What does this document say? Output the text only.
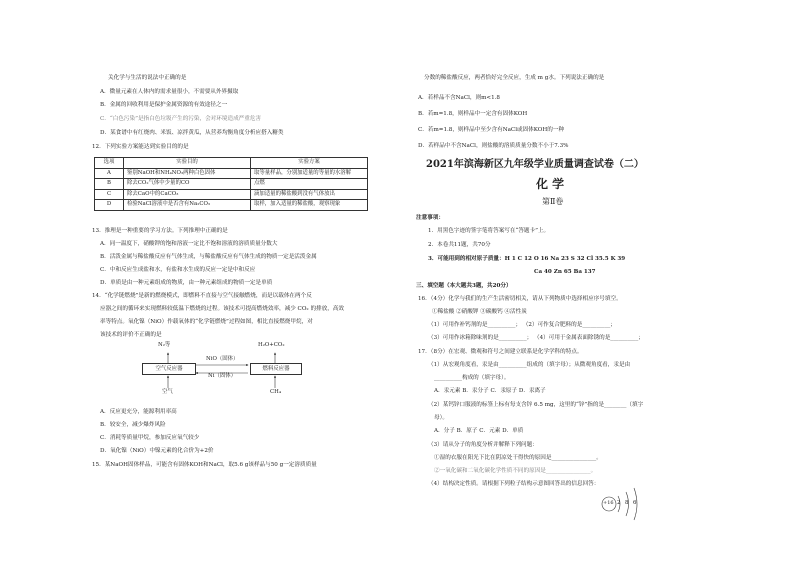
关化学与生活的说法中正确的是
A．微量元素在人体内的需求量很小，不需要从外界摄取
B．金属的回收利用是保护金属资源的有效途径之一
C．“白色污染”是指白色垃圾产生的污染，会对环境造成严重危害
D．某食谱中有红烧肉、米饭、凉拌黄瓜，从营养均衡角度分析应搭入糖类
12．下列实验方案能达到实验目的的是
选项	实验目的	实验方案
A	鉴别NaOH和NH₄NO₃两种白色固体	取等量样品，分别加适量的等量的水溶解
B	除去CO₂气体中少量的CO	点燃
C	除去CaO中的CaCO₃	滴加适量的稀盐酸到没有气体放出
D	检验NaCl溶液中是否含有Na₂CO₃	取样，加入适量的稀盐酸，观察现象
13．推理是一种重要的学习方法。下列推理中正确的是
A．同一温度下，硝酸钾的饱和溶液一定比不饱和溶液的溶质质量分数大
B．活泼金属与稀盐酸反应有气体生成，与稀盐酸反应有气体生成的物质一定是活泼金属
C．中和反应生成盐和水，有盐和水生成的反应一定是中和反应
D．单质是由一种元素组成的物质，由一种元素组成的物质一定是单质
14．“化学链燃烧”是新的燃烧模式，即燃料不直接与空气接触燃烧，而是以载体在两个反
应器之间的循环来实现燃料较低温下燃烧的过程。该技术可提高燃烧效率，减少 CO₂ 的排放，高效
率等特点。氧化镍（NiO）作载氧体的“化学链燃烧”过程如图，相比直接燃烧甲烷，对
该技术的评价不正确的是
N₂等
空气反应器	燃料反应器
H₂O+CO₂
NiO（固体）
Ni（固体）
空气	CH₄
A．反应更充分，能源利用率高
B．较安全，减少爆炸风险
C．消耗等质量甲烷，参加反应氧气较少
D．氧化镍（NiO）中镍元素的化合价为+2价
15．某NaOH固体样品，可能含有固体KOH和NaCl，取5.6 g该样品与50 g一定溶质质量
分数的稀盐酸反应，两者恰好完全反应，生成 m g水。下列说法正确的是
A．若样品不含NaCl，则m<1.8
B．若m=1.8，则样品中一定含有固体KOH
C．若m=1.8，则样品中至少含有NaCl或固体KOH的一种
D．若样品中不含NaCl，则盐酸的溶质质量分数不小于7.3%
2021年滨海新区九年级学业质量调查试卷（二）
化 学
第Ⅱ卷
注意事项：
1．用黑色字迹的签字笔将答案写在“答题卡”上。
2．本卷共11题，共70分
3．可能用到的相对原子质量：H 1 C 12 O 16 Na 23 S 32 Cl 35.5 K 39
Ca 40 Zn 65 Ba 137
三、填空题（本大题共3题，共20分）
16．（4分）化学与我们的生产生活密切相关，请从下列物质中选择相应序号填空。
①稀盐酸 ②硝酸钾 ③碳酸钙 ④活性炭
（1）可用作补钙剂的是__________； （2）可作复合肥料的是__________；
（3）可用作冰箱除味剂的是__________； （4）可用于金属表面除锈的是__________；
17．（8分）在宏观、微观和符号之间建立联系是化学学科的特点。
（1）从宏观角度看，汞是由__________组成的（填字母）；从微观角度看，汞是由
__________构成的（填字母）。
A．汞元素 B．汞分子 C．汞原子 D．汞离子
（2）某钙锌口服液的标签上标有每支含锌 6.5 mg，这里的“锌”指的是________（填字
母）。
A．分子 B．原子 C．元素 D．单质
（3）请从分子的角度分析并解释下列问题：
①湿的衣服在阳光下比在阴凉处干得快的原因是________________。
②一氧化碳和二氧化碳化学性质不同的原因是________________。
（4）结构决定性质。请根据下列粒子结构示意图回答出的信息回答：
+16 2 8 6
